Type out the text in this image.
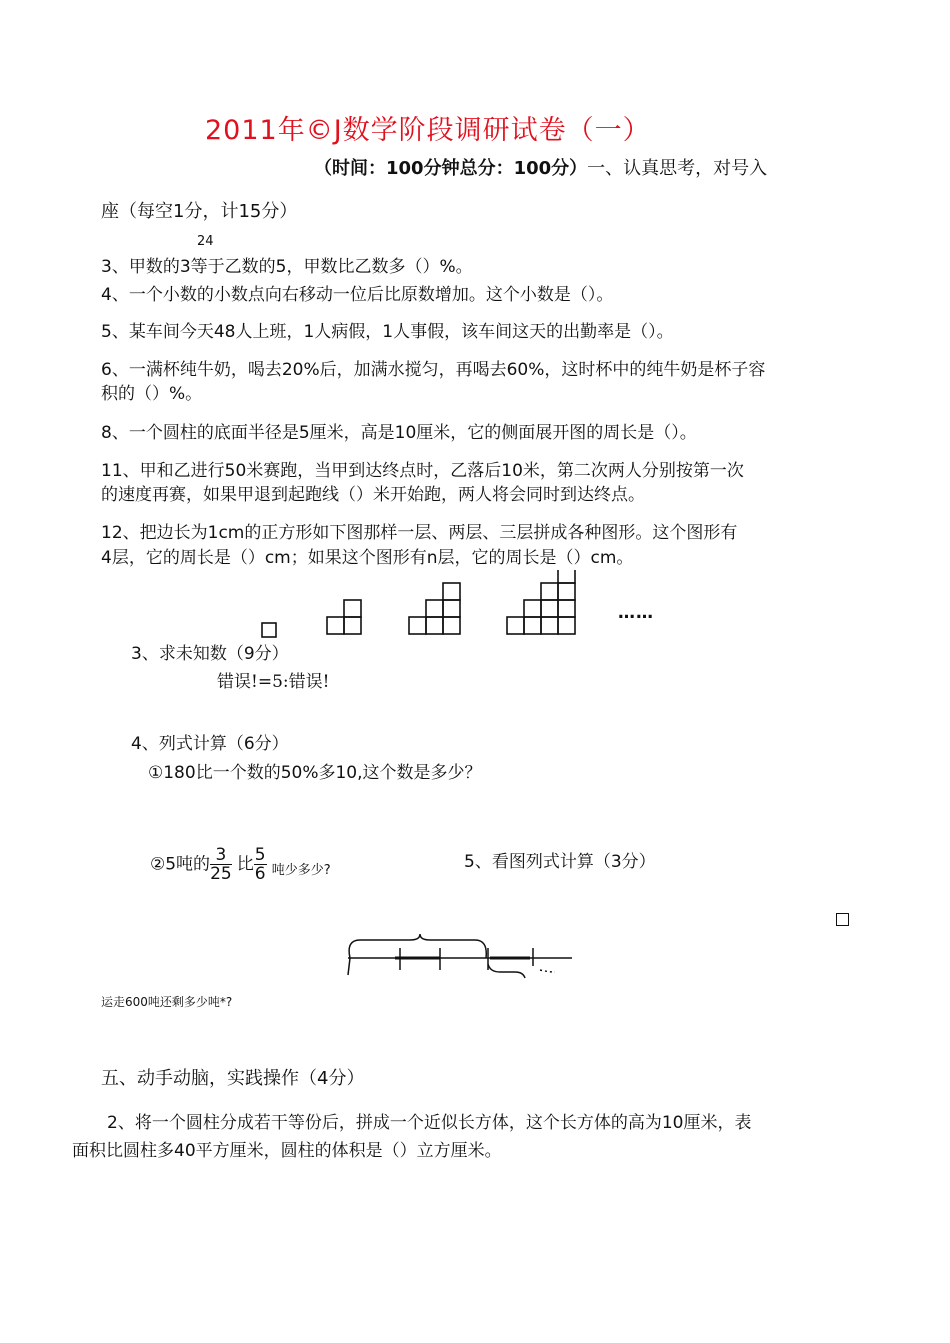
2011年©J数学阶段调研试卷（一）
（时间：100分钟总分：100分）一、认真思考，对号入
座（每空1分，计15分）
24
3、甲数的3等于乙数的5，甲数比乙数多（）%。
4、一个小数的小数点向右移动一位后比原数增加。这个小数是（）。
5、某车间今天48人上班，1人病假，1人事假，该车间这天的出勤率是（）。
6、一满杯纯牛奶，喝去20%后，加满水搅匀，再喝去60%，这时杯中的纯牛奶是杯子容
积的（）%。
8、一个圆柱的底面半径是5厘米，高是10厘米，它的侧面展开图的周长是（）。
11、甲和乙进行50米赛跑，当甲到达终点时，乙落后10米，第二次两人分别按第一次
的速度再赛，如果甲退到起跑线（）米开始跑，两人将会同时到达终点。
12、把边长为1cm的正方形如下图那样一层、两层、三层拼成各种图形。这个图形有
4层，它的周长是（）cm；如果这个图形有n层，它的周长是（）cm。
……
3、求未知数（9分）
错误!=5:错误!
4、列式计算（6分）
①180比一个数的50%多10,这个数是多少？
②5吨的 $\frac{3}{25}$ 比 $\frac{5}{6} _{吨少多少?}$	5、看图列式计算（3分）
运走600吨还剩多少吨*?
五、动手动脑，实践操作（4分）
2、将一个圆柱分成若干等份后，拼成一个近似长方体，这个长方体的高为10厘米，表
面积比圆柱多40平方厘米，圆柱的体积是（）立方厘米。
